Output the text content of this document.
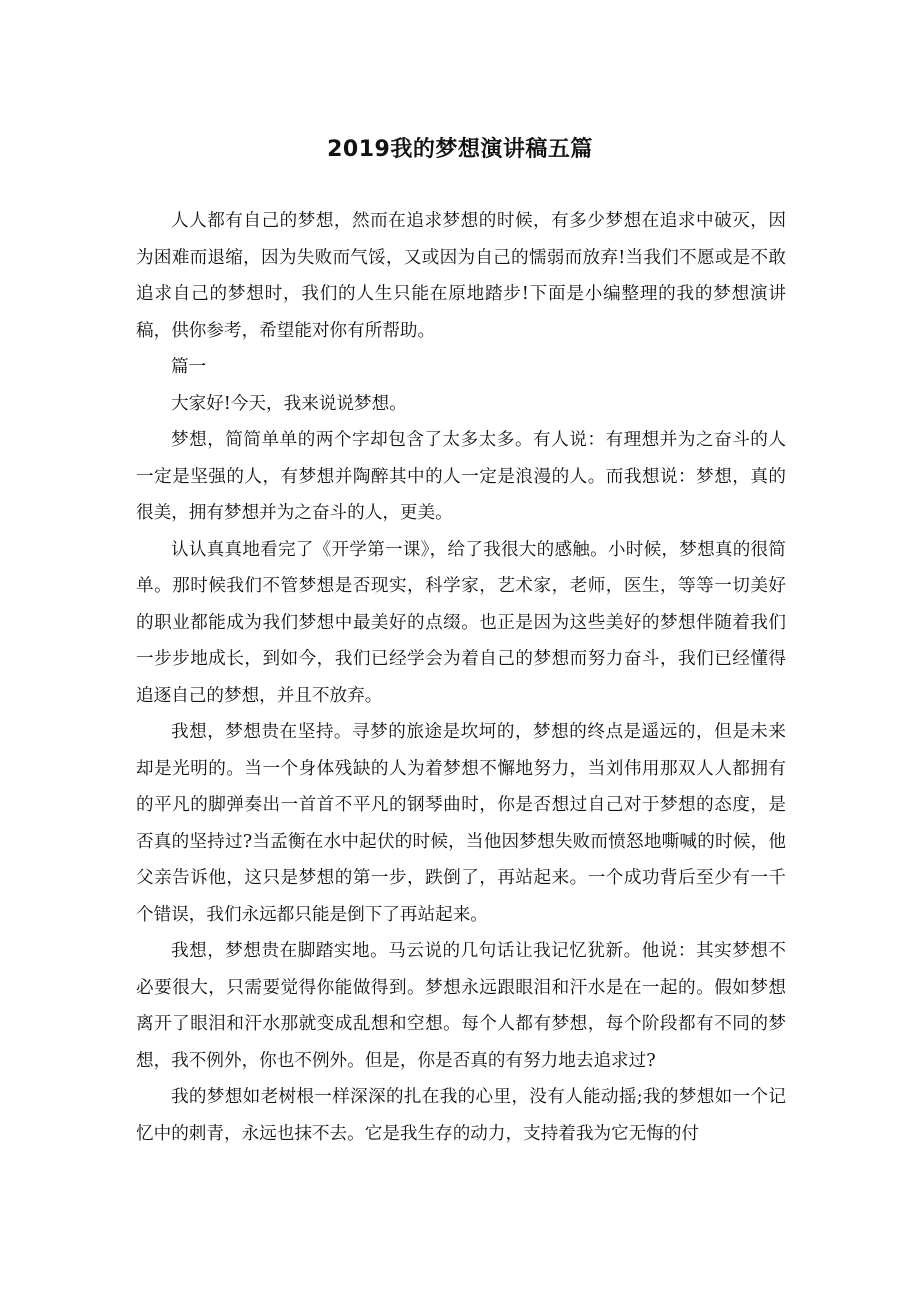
2019我的梦想演讲稿五篇

人人都有自己的梦想，然而在追求梦想的时候，有多少梦想在追求中破灭，因为困难而退缩，因为失败而气馁，又或因为自己的懦弱而放弃!当我们不愿或是不敢追求自己的梦想时，我们的人生只能在原地踏步!下面是小编整理的我的梦想演讲稿，供你参考，希望能对你有所帮助。

篇一

大家好!今天，我来说说梦想。

梦想，简简单单的两个字却包含了太多太多。有人说：有理想并为之奋斗的人一定是坚强的人，有梦想并陶醉其中的人一定是浪漫的人。而我想说：梦想，真的很美，拥有梦想并为之奋斗的人，更美。

认认真真地看完了《开学第一课》，给了我很大的感触。小时候，梦想真的很简单。那时候我们不管梦想是否现实，科学家，艺术家，老师，医生，等等一切美好的职业都能成为我们梦想中最美好的点缀。也正是因为这些美好的梦想伴随着我们一步步地成长，到如今，我们已经学会为着自己的梦想而努力奋斗，我们已经懂得追逐自己的梦想，并且不放弃。

我想，梦想贵在坚持。寻梦的旅途是坎坷的，梦想的终点是遥远的，但是未来却是光明的。当一个身体残缺的人为着梦想不懈地努力，当刘伟用那双人人都拥有的平凡的脚弹奏出一首首不平凡的钢琴曲时，你是否想过自己对于梦想的态度，是否真的坚持过?当孟衡在水中起伏的时候，当他因梦想失败而愤怒地嘶喊的时候，他父亲告诉他，这只是梦想的第一步，跌倒了，再站起来。一个成功背后至少有一千个错误，我们永远都只能是倒下了再站起来。

我想，梦想贵在脚踏实地。马云说的几句话让我记忆犹新。他说：其实梦想不必要很大，只需要觉得你能做得到。梦想永远跟眼泪和汗水是在一起的。假如梦想离开了眼泪和汗水那就变成乱想和空想。每个人都有梦想，每个阶段都有不同的梦想，我不例外，你也不例外。但是，你是否真的有努力地去追求过?

我的梦想如老树根一样深深的扎在我的心里，没有人能动摇;我的梦想如一个记忆中的刺青，永远也抹不去。它是我生存的动力，支持着我为它无悔的付
